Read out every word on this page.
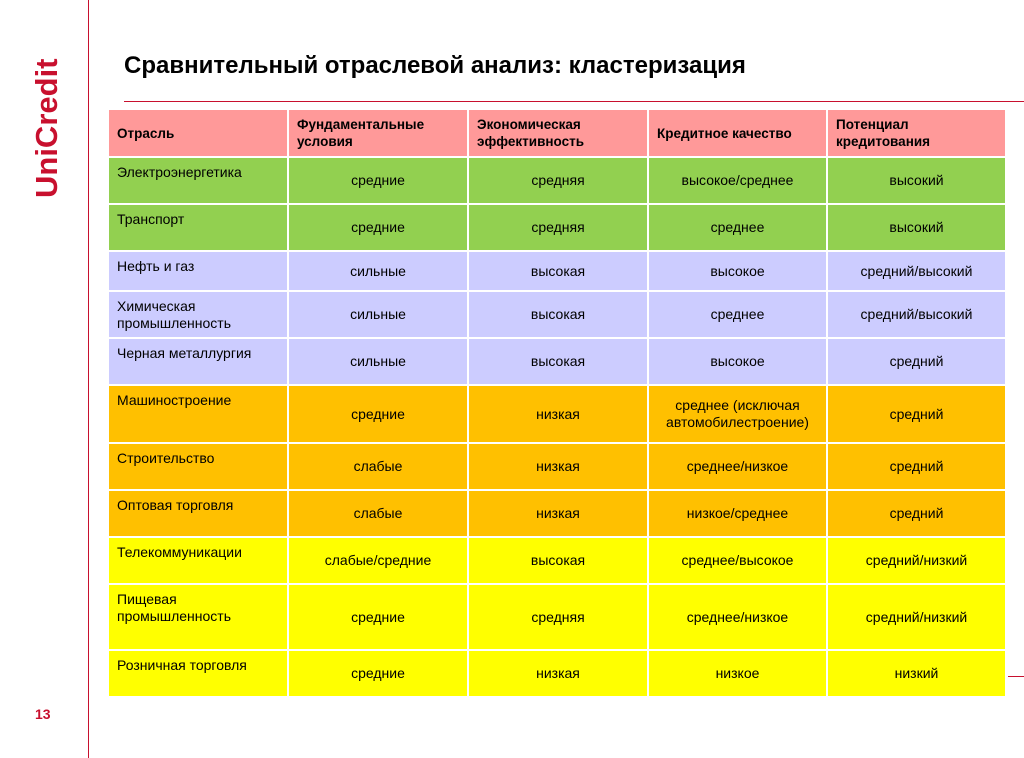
UniCredit	Сравнительный отраслевой анализ: кластеризация
Отрасль	Фундаментальные условия	Экономическая эффективность	Кредитное качество	Потенциал кредитования
Электроэнергетика	средние	средняя	высокое/среднее	высокий
Транспорт	средние	средняя	среднее	высокий
Нефть и газ	сильные	высокая	высокое	средний/высокий
Химическая промышленность	сильные	высокая	среднее	средний/высокий
Черная металлургия	сильные	высокая	высокое	средний
Машиностроение	средние	низкая	среднее (исключая автомобилестроение)	средний
Строительство	слабые	низкая	среднее/низкое	средний
Оптовая торговля	слабые	низкая	низкое/среднее	средний
Телекоммуникации	слабые/средние	высокая	среднее/высокое	средний/низкий
Пищевая промышленность	средние	средняя	среднее/низкое	средний/низкий
Розничная торговля	средние	низкая	низкое	низкий
13
